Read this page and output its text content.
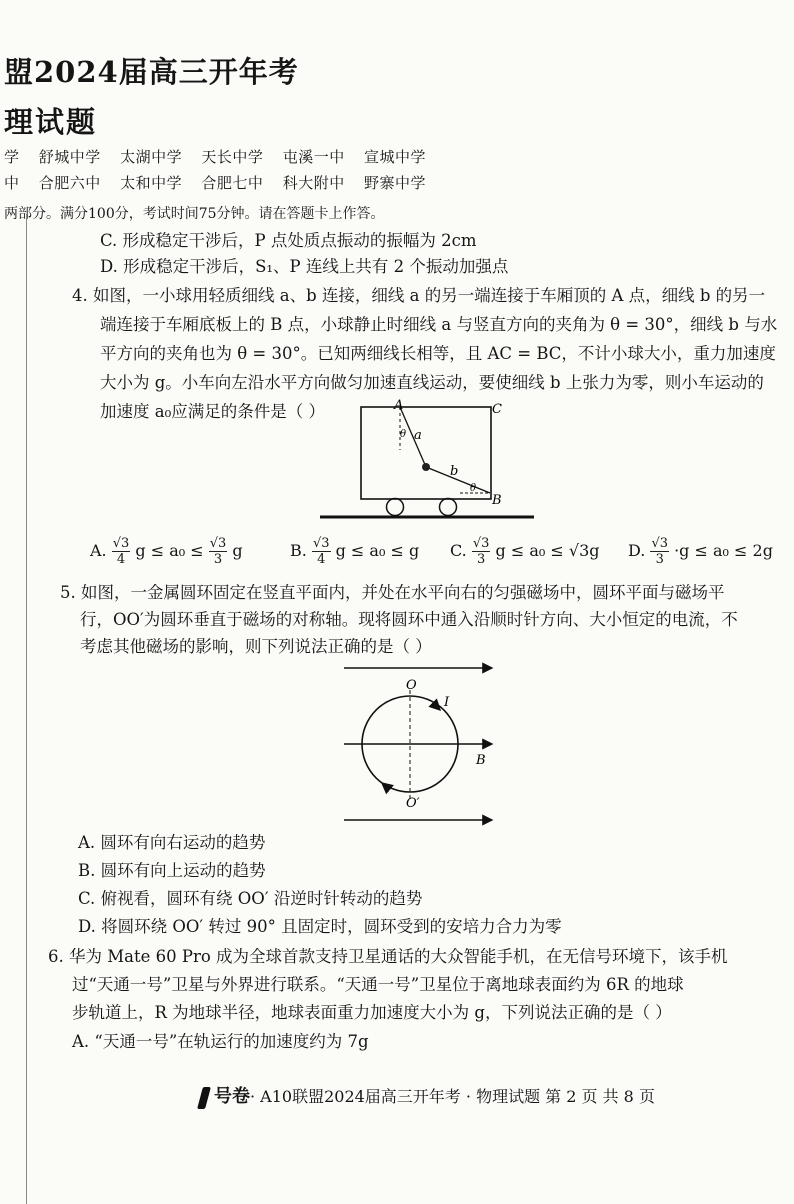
盟2024届高三开年考
理试题
学 舒城中学 太湖中学 天长中学 屯溪一中 宣城中学
中 合肥六中 太和中学 合肥七中 科大附中 野寨中学
两部分。满分100分，考试时间75分钟。请在答题卡上作答。
C. 形成稳定干涉后，P 点处质点振动的振幅为 2cm
D. 形成稳定干涉后，S₁、P 连线上共有 2 个振动加强点
4. 如图，一小球用轻质细线 a、b 连接，细线 a 的另一端连接于车厢顶的 A 点，细线 b 的另一
端连接于车厢底板上的 B 点，小球静止时细线 a 与竖直方向的夹角为 θ = 30°，细线 b 与水
平方向的夹角也为 θ = 30°。已知两细线长相等，且 AC = BC，不计小球大小，重力加速度
大小为 g。小车向左沿水平方向做匀加速直线运动，要使细线 b 上张力为零，则小车运动的
加速度 a₀应满足的条件是（ ）	A	C
B
a
b
θ
θ
A. $\frac{√3}{4}$ $g \le a_0 \le \frac{√3}{3}$ g	B. $\frac{√3}{4}$ g ≤ a₀ ≤ g C. $\frac{√3}{3}$ g ≤ a₀ ≤ √3g D. $\frac{√3}{3} \cdot g \le a_0 \le 2g$
5. 如图，一金属圆环固定在竖直平面内，并处在水平向右的匀强磁场中，圆环平面与磁场平
行，OO′为圆环垂直于磁场的对称轴。现将圆环中通入沿顺时针方向、大小恒定的电流，不
考虑其他磁场的影响，则下列说法正确的是（ ）
O
O′
I
B
A. 圆环有向右运动的趋势
B. 圆环有向上运动的趋势
C. 俯视看，圆环有绕 OO′ 沿逆时针转动的趋势
D. 将圆环绕 OO′ 转过 90° 且固定时，圆环受到的安培力合力为零
6. 华为 Mate 60 Pro 成为全球首款支持卫星通话的大众智能手机，在无信号环境下，该手机
过“天通一号”卫星与外界进行联系。“天通一号”卫星位于离地球表面约为 6R 的地球
步轨道上，R 为地球半径，地球表面重力加速度大小为 g，下列说法正确的是（ ）
A. “天通一号”在轨运行的加速度约为 7g
号卷· A10联盟2024届高三开年考 · 物理试题 第 2 页 共 8 页
